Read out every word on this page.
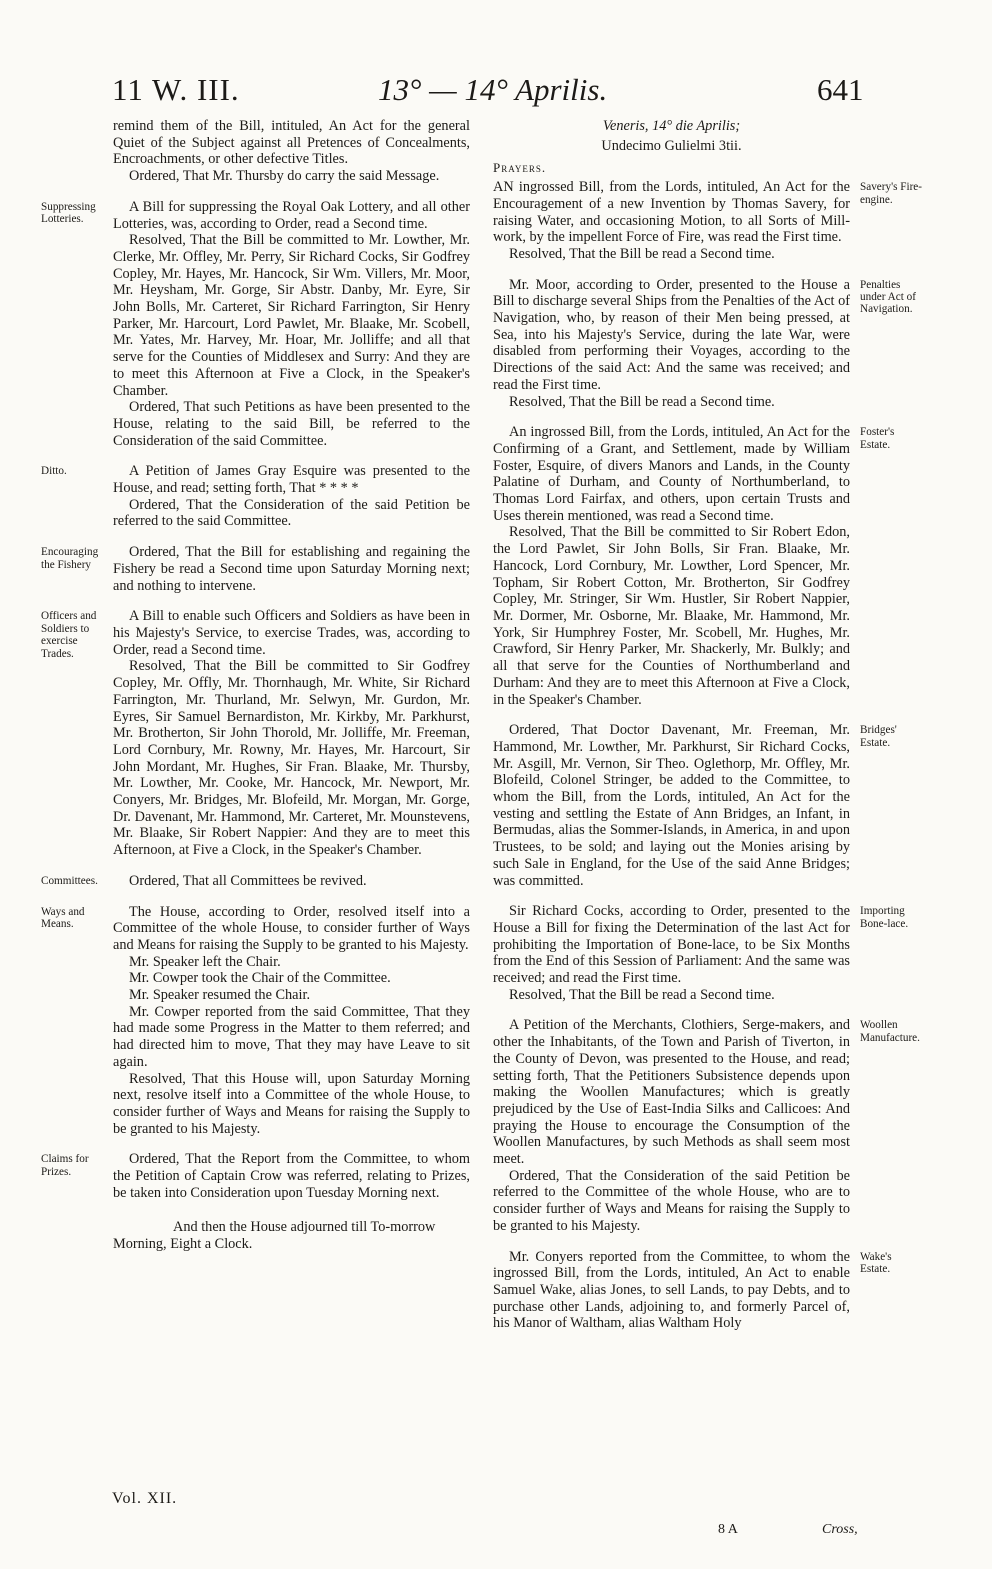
11 W. III.	13° — 14° Aprilis.	641

remind them of the Bill, intituled, An Act for the general Quiet of the Subject against all Pretences of Concealments, Encroachments, or other defective Titles.

Ordered, That Mr. Thursby do carry the said Message.

Suppressing Lotteries.
A Bill for suppressing the Royal Oak Lottery, and all other Lotteries, was, according to Order, read a Second time.

Resolved, That the Bill be committed to Mr. Lowther, Mr. Clerke, Mr. Offley, Mr. Perry, Sir Richard Cocks, Sir Godfrey Copley, Mr. Hayes, Mr. Hancock, Sir Wm. Villers, Mr. Moor, Mr. Heysham, Mr. Gorge, Sir Abstr. Danby, Mr. Eyre, Sir John Bolls, Mr. Carteret, Sir Richard Farrington, Sir Henry Parker, Mr. Harcourt, Lord Pawlet, Mr. Blaake, Mr. Scobell, Mr. Yates, Mr. Harvey, Mr. Hoar, Mr. Jolliffe; and all that serve for the Counties of Middlesex and Surry: And they are to meet this Afternoon at Five a Clock, in the Speaker's Chamber.

Ordered, That such Petitions as have been presented to the House, relating to the said Bill, be referred to the Consideration of the said Committee.

Ditto.	A Petition of James Gray Esquire was presented to the House, and read; setting forth, That * * * *

Ordered, That the Consideration of the said Petition be referred to the said Committee.

Encouraging the Fishery
Ordered, That the Bill for establishing and regaining the Fishery be read a Second time upon Saturday Morning next; and nothing to intervene.

Officers and Soldiers to exercise Trades.
A Bill to enable such Officers and Soldiers as have been in his Majesty's Service, to exercise Trades, was, according to Order, read a Second time.

Resolved, That the Bill be committed to Sir Godfrey Copley, Mr. Offly, Mr. Thornhaugh, Mr. White, Sir Richard Farrington, Mr. Thurland, Mr. Selwyn, Mr. Gurdon, Mr. Eyres, Sir Samuel Bernardiston, Mr. Kirkby, Mr. Parkhurst, Mr. Brotherton, Sir John Thorold, Mr. Jolliffe, Mr. Freeman, Lord Cornbury, Mr. Rowny, Mr. Hayes, Mr. Harcourt, Sir John Mordant, Mr. Hughes, Sir Fran. Blaake, Mr. Thursby, Mr. Lowther, Mr. Cooke, Mr. Hancock, Mr. Newport, Mr. Conyers, Mr. Bridges, Mr. Blofeild, Mr. Morgan, Mr. Gorge, Dr. Davenant, Mr. Hammond, Mr. Carteret, Mr. Mounstevens, Mr. Blaake, Sir Robert Nappier: And they are to meet this Afternoon, at Five a Clock, in the Speaker's Chamber.

Committees.	Ordered, That all Committees be revived.

Ways and Means.
The House, according to Order, resolved itself into a Committee of the whole House, to consider further of Ways and Means for raising the Supply to be granted to his Majesty.

Mr. Speaker left the Chair.

Mr. Cowper took the Chair of the Committee.

Mr. Speaker resumed the Chair.

Mr. Cowper reported from the said Committee, That they had made some Progress in the Matter to them referred; and had directed him to move, That they may have Leave to sit again.

Resolved, That this House will, upon Saturday Morning next, resolve itself into a Committee of the whole House, to consider further of Ways and Means for raising the Supply to be granted to his Majesty.

Claims for Prizes.
Ordered, That the Report from the Committee, to whom the Petition of Captain Crow was referred, relating to Prizes, be taken into Consideration upon Tuesday Morning next.

And then the House adjourned till To-morrow Morning, Eight a Clock.

Veneris, 14° die Aprilis;

Undecimo Gulielmi 3tii.

Prayers.

Savery's Fire-engine.
AN ingrossed Bill, from the Lords, intituled, An Act for the Encouragement of a new Invention by Thomas Savery, for raising Water, and occasioning Motion, to all Sorts of Mill-work, by the impellent Force of Fire, was read the First time.

Resolved, That the Bill be read a Second time.

Penalties under Act of Navigation.
Mr. Moor, according to Order, presented to the House a Bill to discharge several Ships from the Penalties of the Act of Navigation, who, by reason of their Men being pressed, at Sea, into his Majesty's Service, during the late War, were disabled from performing their Voyages, according to the Directions of the said Act: And the same was received; and read the First time.

Resolved, That the Bill be read a Second time.

Foster's Estate.
An ingrossed Bill, from the Lords, intituled, An Act for the Confirming of a Grant, and Settlement, made by William Foster, Esquire, of divers Manors and Lands, in the County Palatine of Durham, and County of Northumberland, to Thomas Lord Fairfax, and others, upon certain Trusts and Uses therein mentioned, was read a Second time.

Resolved, That the Bill be committed to Sir Robert Edon, the Lord Pawlet, Sir John Bolls, Sir Fran. Blaake, Mr. Hancock, Lord Cornbury, Mr. Lowther, Lord Spencer, Mr. Topham, Sir Robert Cotton, Mr. Brotherton, Sir Godfrey Copley, Mr. Stringer, Sir Wm. Hustler, Sir Robert Nappier, Mr. Dormer, Mr. Osborne, Mr. Blaake, Mr. Hammond, Mr. York, Sir Humphrey Foster, Mr. Scobell, Mr. Hughes, Mr. Crawford, Sir Henry Parker, Mr. Shackerly, Mr. Bulkly; and all that serve for the Counties of Northumberland and Durham: And they are to meet this Afternoon at Five a Clock, in the Speaker's Chamber.

Bridges' Estate.
Ordered, That Doctor Davenant, Mr. Freeman, Mr. Hammond, Mr. Lowther, Mr. Parkhurst, Sir Richard Cocks, Mr. Asgill, Mr. Vernon, Sir Theo. Oglethorp, Mr. Offley, Mr. Blofeild, Colonel Stringer, be added to the Committee, to whom the Bill, from the Lords, intituled, An Act for the vesting and settling the Estate of Ann Bridges, an Infant, in Bermudas, alias the Sommer-Islands, in America, in and upon Trustees, to be sold; and laying out the Monies arising by such Sale in England, for the Use of the said Anne Bridges; was committed.

Importing Bone-lace.
Sir Richard Cocks, according to Order, presented to the House a Bill for fixing the Determination of the last Act for prohibiting the Importation of Bone-lace, to be Six Months from the End of this Session of Parliament: And the same was received; and read the First time.

Resolved, That the Bill be read a Second time.

Woollen Manufacture.
A Petition of the Merchants, Clothiers, Serge-makers, and other the Inhabitants, of the Town and Parish of Tiverton, in the County of Devon, was presented to the House, and read; setting forth, That the Petitioners Subsistence depends upon making the Woollen Manufactures; which is greatly prejudiced by the Use of East-India Silks and Callicoes: And praying the House to encourage the Consumption of the Woollen Manufactures, by such Methods as shall seem most meet.

Ordered, That the Consideration of the said Petition be referred to the Committee of the whole House, who are to consider further of Ways and Means for raising the Supply to be granted to his Majesty.

Wake's Estate.
Mr. Conyers reported from the Committee, to whom the ingrossed Bill, from the Lords, intituled, An Act to enable Samuel Wake, alias Jones, to sell Lands, to pay Debts, and to purchase other Lands, adjoining to, and formerly Parcel of, his Manor of Waltham, alias Waltham Holy

Vol. XII.
8 A	Cross,
